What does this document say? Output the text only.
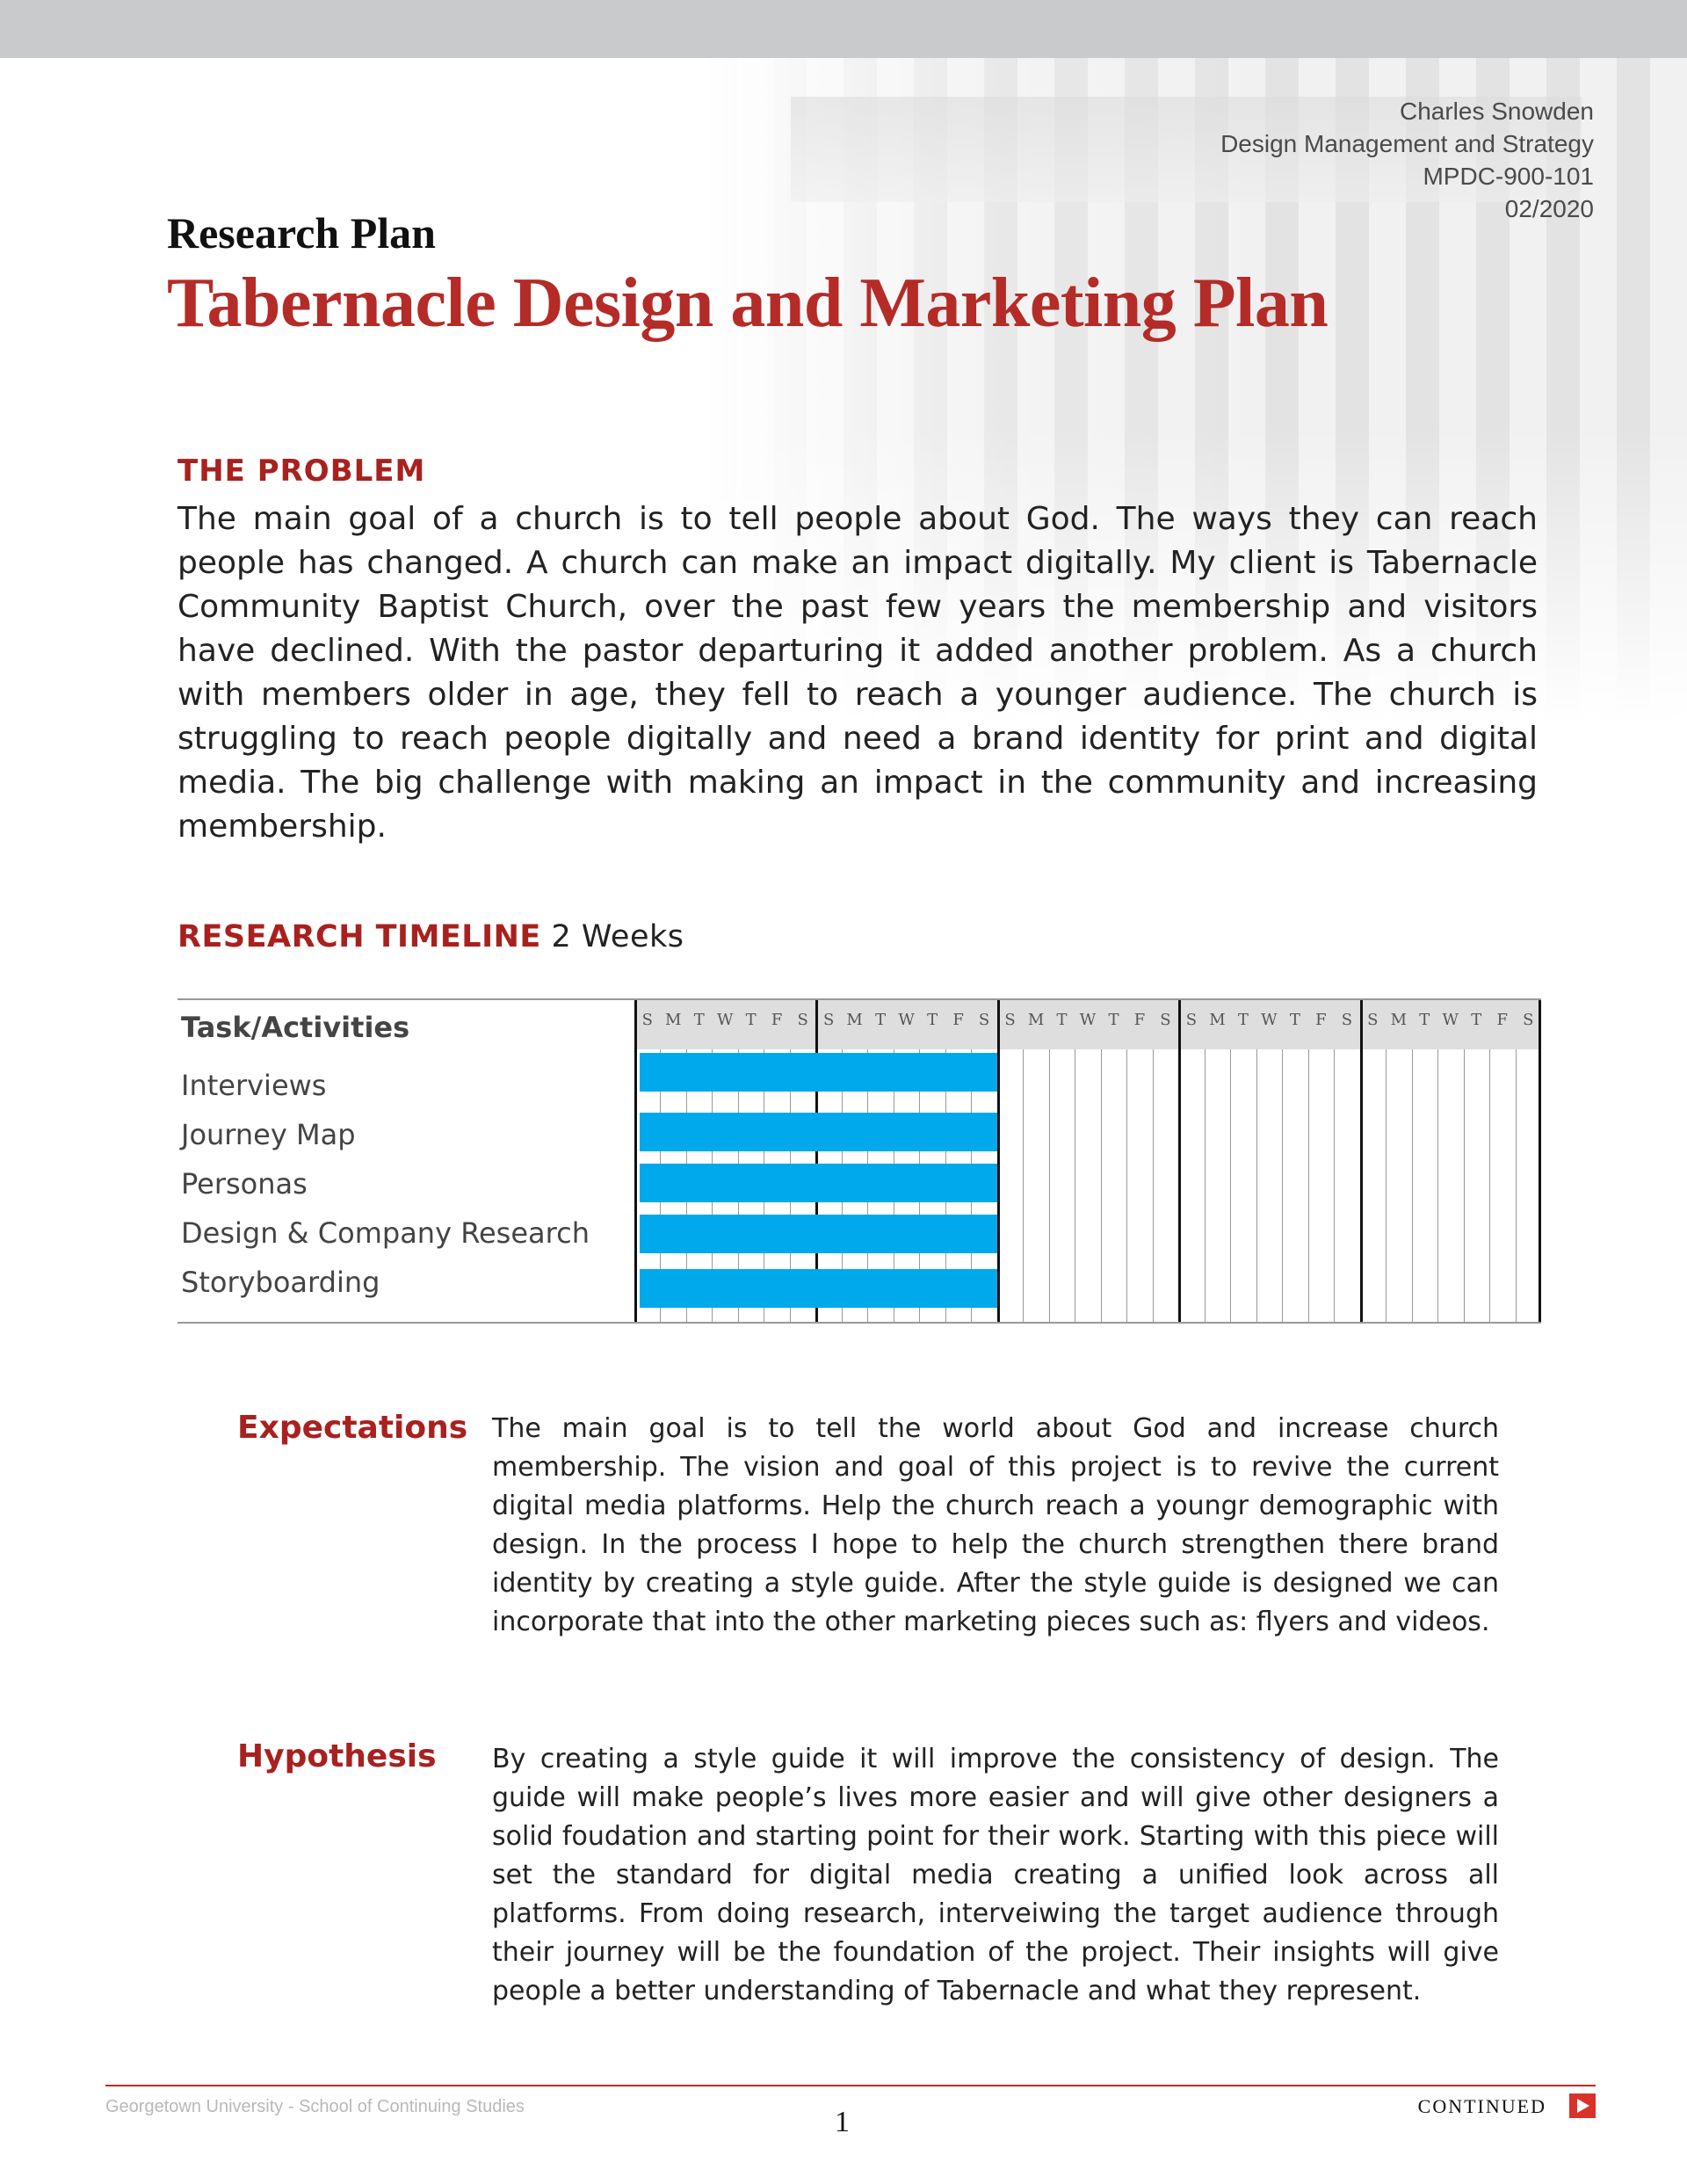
Charles Snowden
Design Management and Strategy
MPDC-900-101
02/2020
Research Plan
Tabernacle Design and Marketing Plan
THE PROBLEM

The main goal of a church is to tell people about God. The ways they can reach people has changed. A church can make an impact digitally. My client is Tabernacle Community Baptist Church, over the past few years the membership and visitors have declined. With the pastor departuring it added another problem. As a church with members older in age, they fell to reach a younger audience. The church is struggling to reach people digitally and need a brand identity for print and digital media. The big challenge with making an impact in the community and increasing membership.

RESEARCH TIMELINE 2 Weeks
Task/Activities
Interviews
Journey Map
Personas
Design & Company Research
Storyboarding
S M T W T F S S M T W T F S S M T W T F S S M T W T F S S M T W T F S
Expectations The main goal is to tell the world about God and increase church membership. The vision and goal of this project is to revive the current digital media platforms. Help the church reach a youngr demographic with design. In the process I hope to help the church strengthen there brand identity by creating a style guide. After the style guide is designed we can incorporate that into the other marketing pieces such as: flyers and videos.

Hypothesis By creating a style guide it will improve the consistency of design. The guide will make people’s lives more easier and will give other designers a solid foudation and starting point for their work. Starting with this piece will set the standard for digital media creating a unified look across all platforms. From doing research, interveiwing the target audience through their journey will be the foundation of the project. Their insights will give people a better understanding of Tabernacle and what they represent.

Georgetown University - School of Continuing Studies	1	CONTINUED
